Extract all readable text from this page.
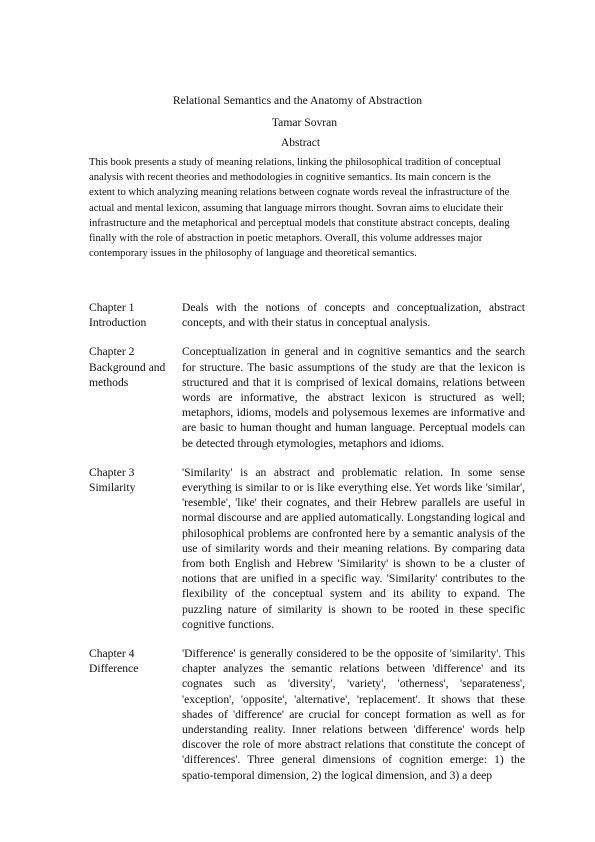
Relational Semantics and the Anatomy of Abstraction

Tamar Sovran

Abstract

This book presents a study of meaning relations, linking the philosophical tradition of conceptual analysis with recent theories and methodologies in cognitive semantics. Its main concern is the extent to which analyzing meaning relations between cognate words reveal the infrastructure of the actual and mental lexicon, assuming that language mirrors thought. Sovran aims to elucidate their infrastructure and the metaphorical and perceptual models that constitute abstract concepts, dealing finally with the role of abstraction in poetic metaphors. Overall, this volume addresses major contemporary issues in the philosophy of language and theoretical semantics.

Chapter 1
Introduction

Deals with the notions of concepts and conceptualization, abstract concepts, and with their status in conceptual analysis.

Chapter 2
Background and methods

Conceptualization in general and in cognitive semantics and the search for structure. The basic assumptions of the study are that the lexicon is structured and that it is comprised of lexical domains, relations between words are informative, the abstract lexicon is structured as well; metaphors, idioms, models and polysemous lexemes are informative and are basic to human thought and human language. Perceptual models can be detected through etymologies, metaphors and idioms.

Chapter 3
Similarity

'Similarity' is an abstract and problematic relation. In some sense everything is similar to or is like everything else. Yet words like 'similar', 'resemble', 'like' their cognates, and their Hebrew parallels are useful in normal discourse and are applied automatically. Longstanding logical and philosophical problems are confronted here by a semantic analysis of the use of similarity words and their meaning relations. By comparing data from both English and Hebrew 'Similarity' is shown to be a cluster of notions that are unified in a specific way. 'Similarity' contributes to the flexibility of the conceptual system and its ability to expand. The puzzling nature of similarity is shown to be rooted in these specific cognitive functions.

Chapter 4
Difference

'Difference' is generally considered to be the opposite of 'similarity'. This chapter analyzes the semantic relations between 'difference' and its cognates such as 'diversity', 'variety', 'otherness', 'separateness', 'exception', 'opposite', 'alternative', 'replacement'. It shows that these shades of 'difference' are crucial for concept formation as well as for understanding reality. Inner relations between 'difference' words help discover the role of more abstract relations that constitute the concept of 'differences'. Three general dimensions of cognition emerge: 1) the spatio-temporal dimension, 2) the logical dimension, and 3) a deep
